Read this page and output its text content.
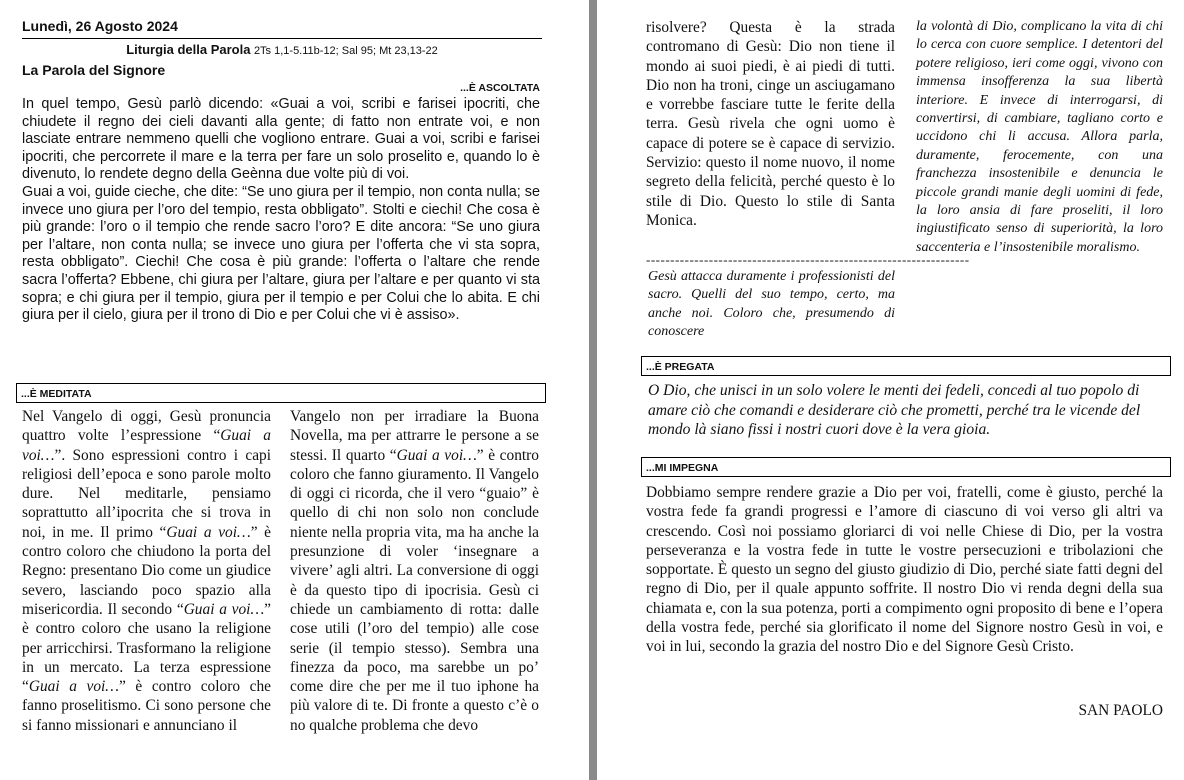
Lunedì, 26 Agosto 2024
Liturgia della Parola 2Ts 1,1-5.11b-12; Sal 95; Mt 23,13-22
La Parola del Signore
...È ASCOLTATA

In quel tempo, Gesù parlò dicendo: «Guai a voi, scribi e farisei ipocriti, che chiudete il regno dei cieli davanti alla gente; di fatto non entrate voi, e non lasciate entrare nemmeno quelli che vogliono entrare. Guai a voi, scribi e farisei ipocriti, che percorrete il mare e la terra per fare un solo proselito e, quando lo è divenuto, lo rendete degno della Geènna due volte più di voi.

Guai a voi, guide cieche, che dite: “Se uno giura per il tempio, non conta nulla; se invece uno giura per l’oro del tempio, resta obbligato”. Stolti e ciechi! Che cosa è più grande: l’oro o il tempio che rende sacro l’oro? E dite ancora: “Se uno giura per l’altare, non conta nulla; se invece uno giura per l’offerta che vi sta sopra, resta obbligato”. Ciechi! Che cosa è più grande: l’offerta o l’altare che rende sacra l’offerta? Ebbene, chi giura per l’altare, giura per l’altare e per quanto vi sta sopra; e chi giura per il tempio, giura per il tempio e per Colui che lo abita. E chi giura per il cielo, giura per il trono di Dio e per Colui che vi è assiso».

...È MEDITATA
Nel Vangelo di oggi, Gesù pronuncia quattro volte l’espressione “Guai a voi…”. Sono espressioni contro i capi religiosi dell’epoca e sono parole molto dure. Nel meditarle, pensiamo soprattutto all’ipocrita che si trova in noi, in me. Il primo “Guai a voi…” è contro coloro che chiudono la porta del Regno: presentano Dio come un giudice severo, lasciando poco spazio alla misericordia. Il secondo “Guai a voi…” è contro coloro che usano la religione per arricchirsi. Trasformano la religione in un mercato. La terza espressione “Guai a voi…” è contro coloro che fanno proselitismo. Ci sono persone che si fanno missionari e annunciano il
Vangelo non per irradiare la Buona Novella, ma per attrarre le persone a se stessi. Il quarto “Guai a voi…” è contro coloro che fanno giuramento. Il Vangelo di oggi ci ricorda, che il vero “guaio” è quello di chi non solo non conclude niente nella propria vita, ma ha anche la presunzione di voler ‘insegnare a vivere’ agli altri. La conversione di oggi è da questo tipo di ipocrisia. Gesù ci chiede un cambiamento di rotta: dalle cose utili (l’oro del tempio) alle cose serie (il tempio stesso). Sembra una finezza da poco, ma sarebbe un po’ come dire che per me il tuo iphone ha più valore di te. Di fronte a questo c’è o no qualche problema che devo
risolvere? Questa è la strada contromano di Gesù: Dio non tiene il mondo ai suoi piedi, è ai piedi di tutti. Dio non ha troni, cinge un asciugamano e vorrebbe fasciare tutte le ferite della terra. Gesù rivela che ogni uomo è capace di potere se è capace di servizio. Servizio: questo il nome nuovo, il nome segreto della felicità, perché questo è lo stile di Dio. Questo lo stile di Santa Monica.
-------------------------------------------------------------------
Gesù attacca duramente i professionisti del sacro. Quelli del suo tempo, certo, ma anche noi. Coloro che, presumendo di conoscere
la volontà di Dio, complicano la vita di chi lo cerca con cuore semplice. I detentori del potere religioso, ieri come oggi, vivono con immensa insofferenza la sua libertà interiore. E invece di interrogarsi, di convertirsi, di cambiare, tagliano corto e uccidono chi li accusa. Allora parla, duramente, ferocemente, con una franchezza insostenibile e denuncia le piccole grandi manie degli uomini di fede, la loro ansia di fare proseliti, il loro ingiustificato senso di superiorità, la loro saccenteria e l’insostenibile moralismo.
...È PREGATA
O Dio, che unisci in un solo volere le menti dei fedeli, concedi al tuo popolo di amare ciò che comandi e desiderare ciò che prometti, perché tra le vicende del mondo là siano fissi i nostri cuori dove è la vera gioia.
...MI IMPEGNA
Dobbiamo sempre rendere grazie a Dio per voi, fratelli, come è giusto, perché la vostra fede fa grandi progressi e l’amore di ciascuno di voi verso gli altri va crescendo. Così noi possiamo gloriarci di voi nelle Chiese di Dio, per la vostra perseveranza e la vostra fede in tutte le vostre persecuzioni e tribolazioni che sopportate. È questo un segno del giusto giudizio di Dio, perché siate fatti degni del regno di Dio, per il quale appunto soffrite. Il nostro Dio vi renda degni della sua chiamata e, con la sua potenza, porti a compimento ogni proposito di bene e l’opera della vostra fede, perché sia glorificato il nome del Signore nostro Gesù in voi, e voi in lui, secondo la grazia del nostro Dio e del Signore Gesù Cristo.
SAN PAOLO
